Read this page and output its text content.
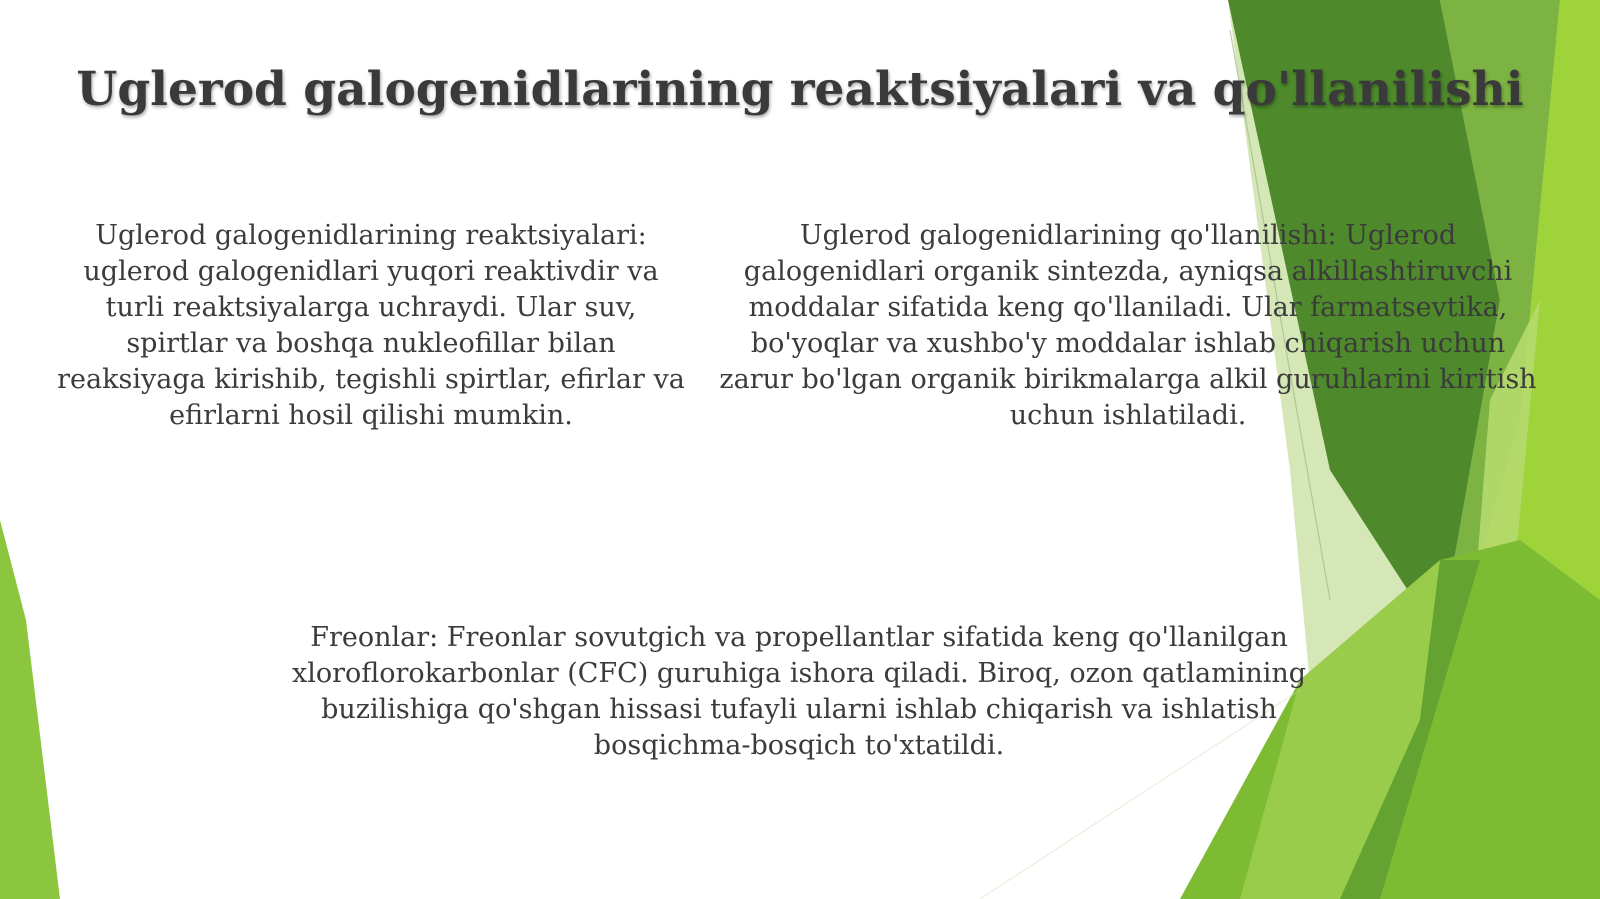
Uglerod galogenidlarining reaktsiyalari va qo'llanilishi

Uglerod galogenidlarining reaktsiyalari: uglerod galogenidlari yuqori reaktivdir va turli reaktsiyalarga uchraydi. Ular suv, spirtlar va boshqa nukleofillar bilan reaksiyaga kirishib, tegishli spirtlar, efirlar va efirlarni hosil qilishi mumkin.

Uglerod galogenidlarining qo'llanilishi: Uglerod galogenidlari organik sintezda, ayniqsa alkillashtiruvchi moddalar sifatida keng qo'llaniladi. Ular farmatsevtika, bo'yoqlar va xushbo'y moddalar ishlab chiqarish uchun zarur bo'lgan organik birikmalarga alkil guruhlarini kiritish uchun ishlatiladi.

Freonlar: Freonlar sovutgich va propellantlar sifatida keng qo'llanilgan xloroflorokarbonlar (CFC) guruhiga ishora qiladi. Biroq, ozon qatlamining buzilishiga qo'shgan hissasi tufayli ularni ishlab chiqarish va ishlatish bosqichma-bosqich to'xtatildi.
